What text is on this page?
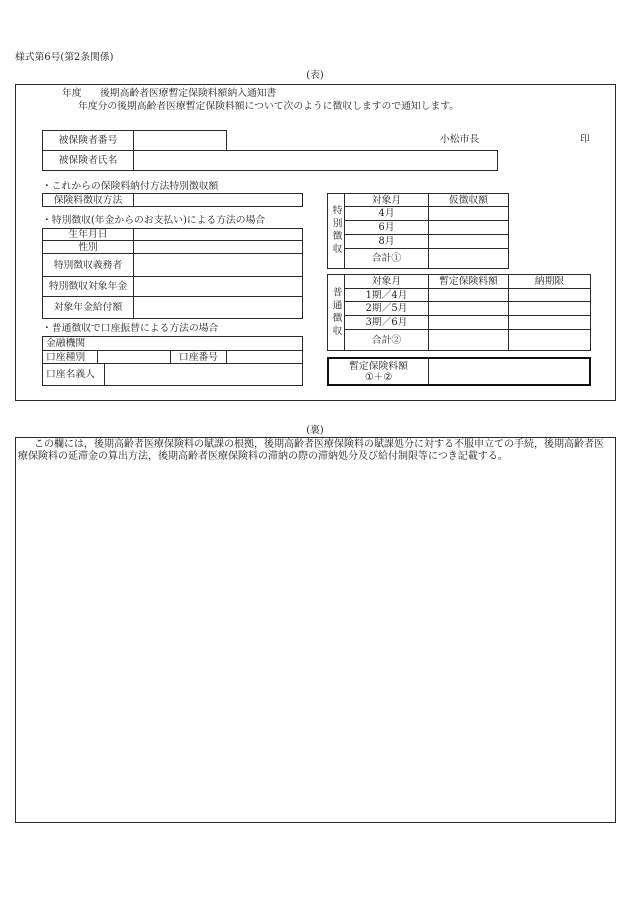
様式第6号(第2条関係)
(表)
年度 後期高齢者医療暫定保険料額納入通知書
年度分の後期高齢者医療暫定保険料額について次のように徴収しますので通知します。
被保険者番号
被保険者氏名
小松市長	印
・これからの保険料納付方法特別徴収額
保険料徴収方法
・特別徴収(年金からのお支払い)による方法の場合
生年月日
性別
特別徴収義務者
特別徴収対象年金
対象年金給付額
・普通徴収で口座振替による方法の場合
金融機関
口座種別	口座番号
口座名義人
特別徴収
対象月	仮徴収額
4月
6月
8月
合計①
普通徴収
対象月	暫定保険料額	納期限
1期／4月
2期／5月
3期／6月
合計②
暫定保険料額
①＋②
(裏)

この欄には，後期高齢者医療保険料の賦課の根拠，後期高齢者医療保険料の賦課処分に対する不服申立ての手続，後期高齢者医療保険料の延滞金の算出方法，後期高齢者医療保険料の滞納の際の滞納処分及び給付制限等につき記載する。
